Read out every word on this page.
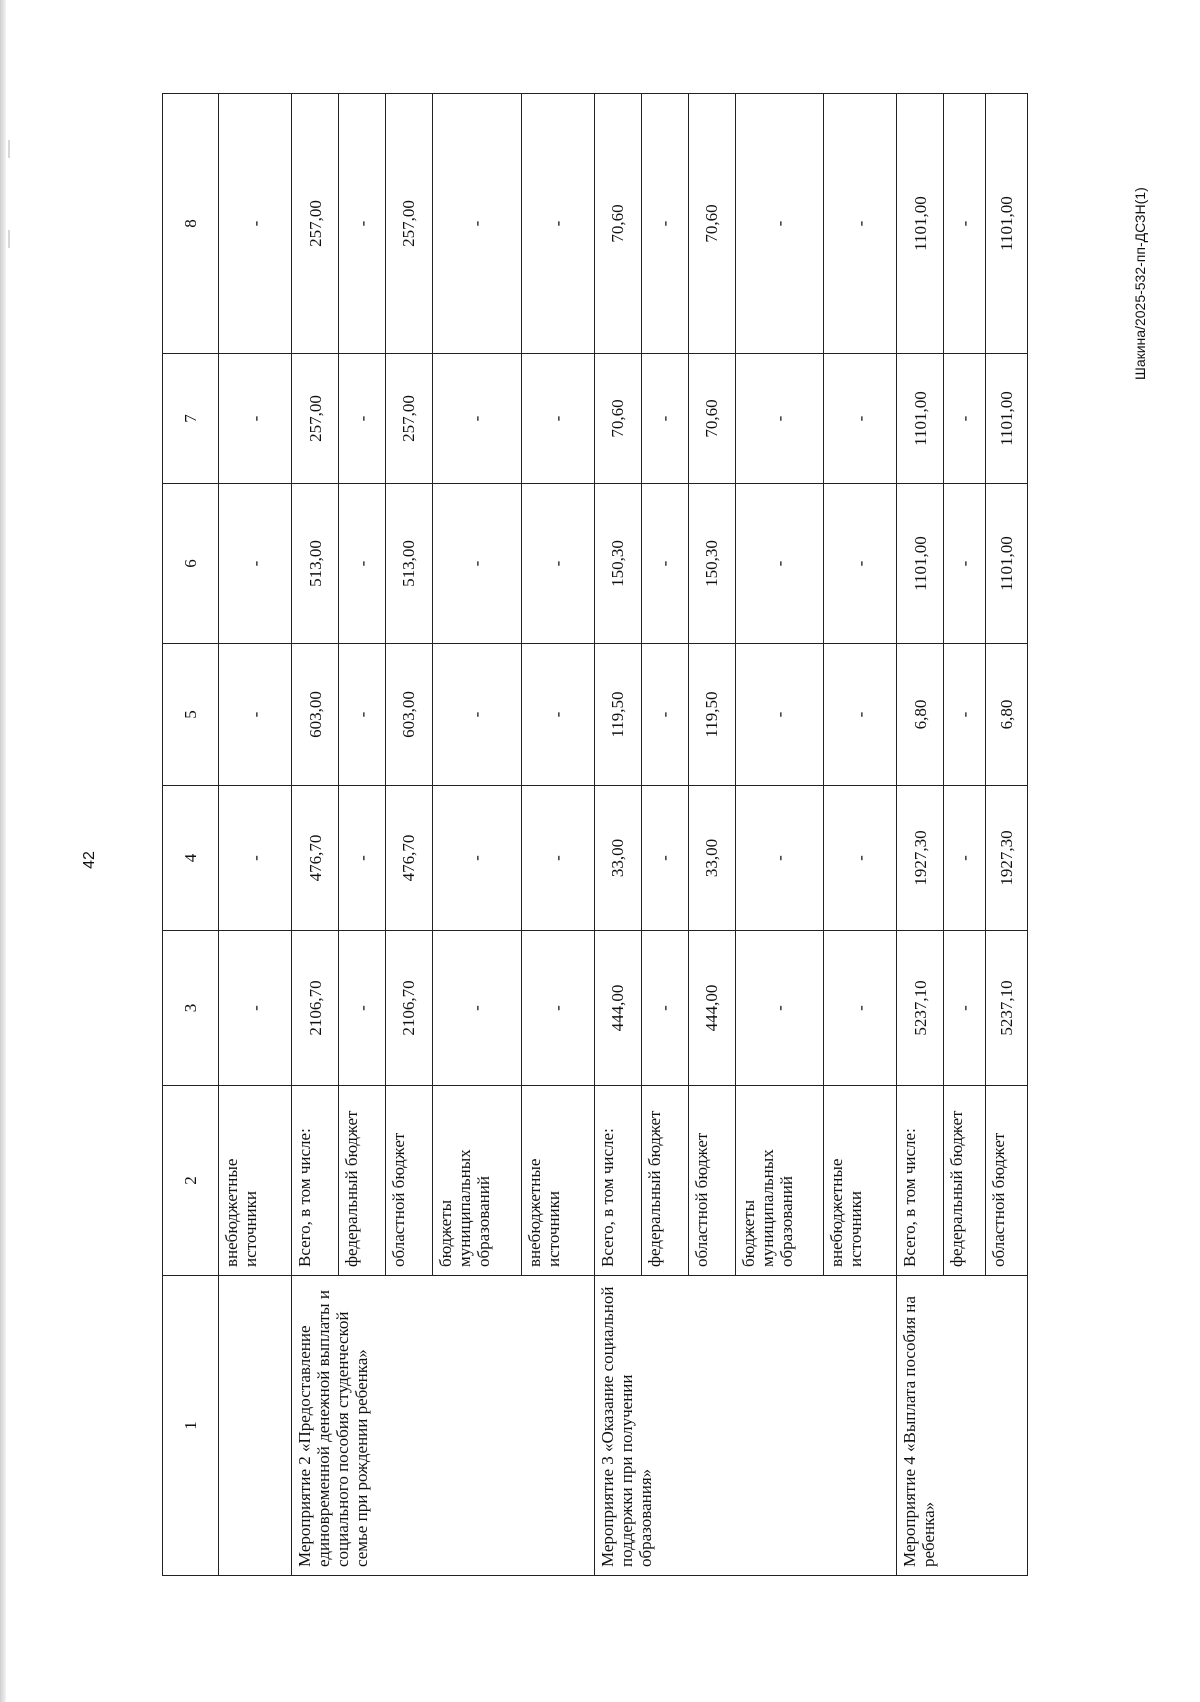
42
Шакина/2025-532-пп-ДСЗН(1)
1	2	3	4	5	6	7	8
	внебюджетные источники	-	-	-	-	-	-
Мероприятие 2 «Предоставление единовременной денежной выплаты и социального пособия студенческой семье при рождении ребенка»	Всего, в том числе:	2106,70	476,70	603,00	513,00	257,00	257,00
	федеральный бюджет	-	-	-	-	-	-
	областной бюджет	2106,70	476,70	603,00	513,00	257,00	257,00
	бюджеты муниципальных образований	-	-	-	-	-	-
	внебюджетные источники	-	-	-	-	-	-
Мероприятие 3 «Оказание социальной поддержки при получении образования»	Всего, в том числе:	444,00	33,00	119,50	150,30	70,60	70,60
	федеральный бюджет	-	-	-	-	-	-
	областной бюджет	444,00	33,00	119,50	150,30	70,60	70,60
	бюджеты муниципальных образований	-	-	-	-	-	-
	внебюджетные источники	-	-	-	-	-	-
Мероприятие 4 «Выплата пособия на ребенка»	Всего, в том числе:	5237,10	1927,30	6,80	1101,00	1101,00	1101,00
	федеральный бюджет	-	-	-	-	-	-
	областной бюджет	5237,10	1927,30	6,80	1101,00	1101,00	1101,00
